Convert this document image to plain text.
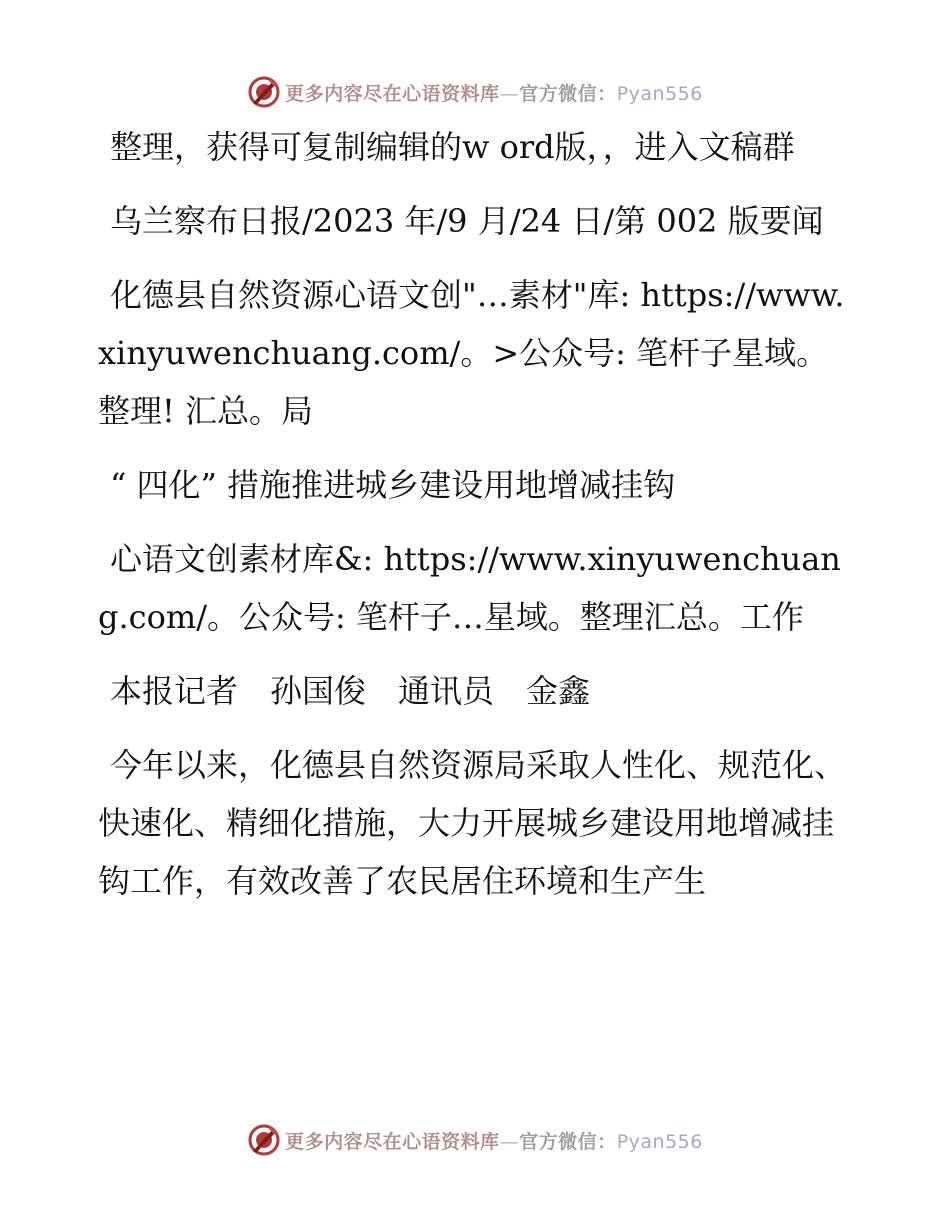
更多内容尽在心语资料库—官方微信：Pyan556

整理，获得可复制编辑的w ord版，，进入文稿群

乌兰察布日报/2023 年/9 月/24 日/第 002 版要闻

化德县自然资源心语文创"…素材"库: https://www.xinyuwenchuang.com/。>公众号: 笔杆子星域。整理! 汇总。局

“ 四化” 措施推进城乡建设用地增减挂钩

心语文创素材库&: https://www.xinyuwenchuang.com/。公众号: 笔杆子…星域。整理汇总。工作

本报记者　孙国俊　通讯员　金鑫

今年以来，化德县自然资源局采取人性化、规范化、快速化、精细化措施，大力开展城乡建设用地增减挂钩工作，有效改善了农民居住环境和生产生

更多内容尽在心语资料库—官方微信：Pyan556
